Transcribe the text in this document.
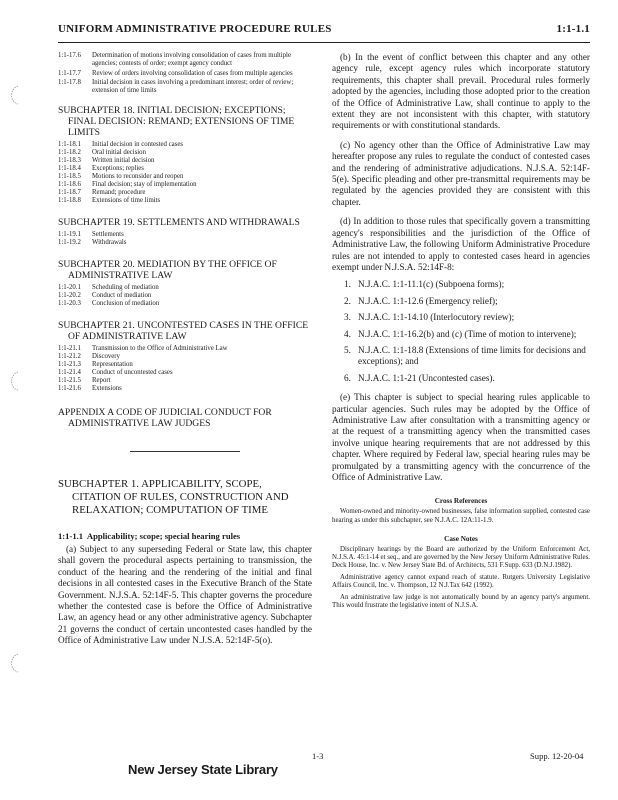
UNIFORM ADMINISTRATIVE PROCEDURE RULES	1:1-1.1
1:1-17.6 Determination of motions involving consolidation of cases from multiple agencies; contests of order; exempt agency conduct
1:1-17.7 Review of orders involving consolidation of cases from multiple agencies
1:1-17.8 Initial decision in cases involving a predominant interest; order of review; extension of time limits
SUBCHAPTER 18. INITIAL DECISION; EXCEPTIONS; FINAL DECISION: REMAND; EXTENSIONS OF TIME LIMITS
1:1-18.1 Initial decision in contested cases
1:1-18.2 Oral initial decision
1:1-18.3 Written initial decision
1:1-18.4 Exceptions; replies
1:1-18.5 Motions to reconsider and reopen
1:1-18.6 Final decision; stay of implementation
1:1-18.7 Remand; procedure
1:1-18.8 Extensions of time limits
SUBCHAPTER 19. SETTLEMENTS AND WITHDRAWALS
1:1-19.1 Settlements
1:1-19.2 Withdrawals
SUBCHAPTER 20. MEDIATION BY THE OFFICE OF ADMINISTRATIVE LAW
1:1-20.1 Scheduling of mediation
1:1-20.2 Conduct of mediation
1:1-20.3 Conclusion of mediation
SUBCHAPTER 21. UNCONTESTED CASES IN THE OFFICE OF ADMINISTRATIVE LAW
1:1-21.1 Transmission to the Office of Administrative Law
1:1-21.2 Discovery
1:1-21.3 Representation
1:1-21.4 Conduct of uncontested cases
1:1-21.5 Report
1:1-21.6 Extensions
APPENDIX A CODE OF JUDICIAL CONDUCT FOR ADMINISTRATIVE LAW JUDGES
SUBCHAPTER 1. APPLICABILITY, SCOPE, CITATION OF RULES, CONSTRUCTION AND RELAXATION; COMPUTATION OF TIME
1:1-1.1 Applicability; scope; special hearing rules

(a) Subject to any superseding Federal or State law, this chapter shall govern the procedural aspects pertaining to transmission, the conduct of the hearing and the rendering of the initial and final decisions in all contested cases in the Executive Branch of the State Government. N.J.S.A. 52:14F-5. This chapter governs the procedure whether the contested case is before the Office of Administrative Law, an agency head or any other administrative agency. Subchapter 21 governs the conduct of certain uncontested cases handled by the Office of Administrative Law under N.J.S.A. 52:14F-5(o).

(b) In the event of conflict between this chapter and any other agency rule, except agency rules which incorporate statutory requirements, this chapter shall prevail. Procedural rules formerly adopted by the agencies, including those adopted prior to the creation of the Office of Administrative Law, shall continue to apply to the extent they are not inconsistent with this chapter, with statutory requirements or with constitutional standards.

(c) No agency other than the Office of Administrative Law may hereafter propose any rules to regulate the conduct of contested cases and the rendering of administrative adjudications. N.J.S.A. 52:14F-5(e). Specific pleading and other pre-transmittal requirements may be regulated by the agencies provided they are consistent with this chapter.

(d) In addition to those rules that specifically govern a transmitting agency's responsibilities and the jurisdiction of the Office of Administrative Law, the following Uniform Administrative Procedure rules are not intended to apply to contested cases heard in agencies exempt under N.J.S.A. 52:14F-8:

1. N.J.A.C. 1:1-11.1(c) (Subpoena forms);
2. N.J.A.C. 1:1-12.6 (Emergency relief);
3. N.J.A.C. 1:1-14.10 (Interlocutory review);
4. N.J.A.C. 1:1-16.2(b) and (c) (Time of motion to intervene);
5. N.J.A.C. 1:1-18.8 (Extensions of time limits for decisions and exceptions); and
6. N.J.A.C. 1:1-21 (Uncontested cases).

(e) This chapter is subject to special hearing rules applicable to particular agencies. Such rules may be adopted by the Office of Administrative Law after consultation with a transmitting agency or at the request of a transmitting agency when the transmitted cases involve unique hearing requirements that are not addressed by this chapter. Where required by Federal law, special hearing rules may be promulgated by a transmitting agency with the concurrence of the Office of Administrative Law.

Cross References

Women-owned and minority-owned businesses, false information supplied, contested case hearing as under this subchapter, see N.J.A.C. 12A:11-1.9.

Case Notes

Disciplinary hearings by the Board are authorized by the Uniform Enforcement Act, N.J.S.A. 45:1-14 et seq., and are governed by the New Jersey Uniform Administrative Rules. Deck House, Inc. v. New Jersey State Bd. of Architects, 531 F.Supp. 633 (D.N.J.1982).

Administrative agency cannot expand reach of statute. Rutgers University Legislative Affairs Council, Inc. v. Thompson, 12 N.J.Tax 642 (1992).

An administrative law judge is not automatically bound by an agency party's argument. This would frustrate the legislative intent of N.J.S.A.

1-3	Supp. 12-20-04
New Jersey State Library
